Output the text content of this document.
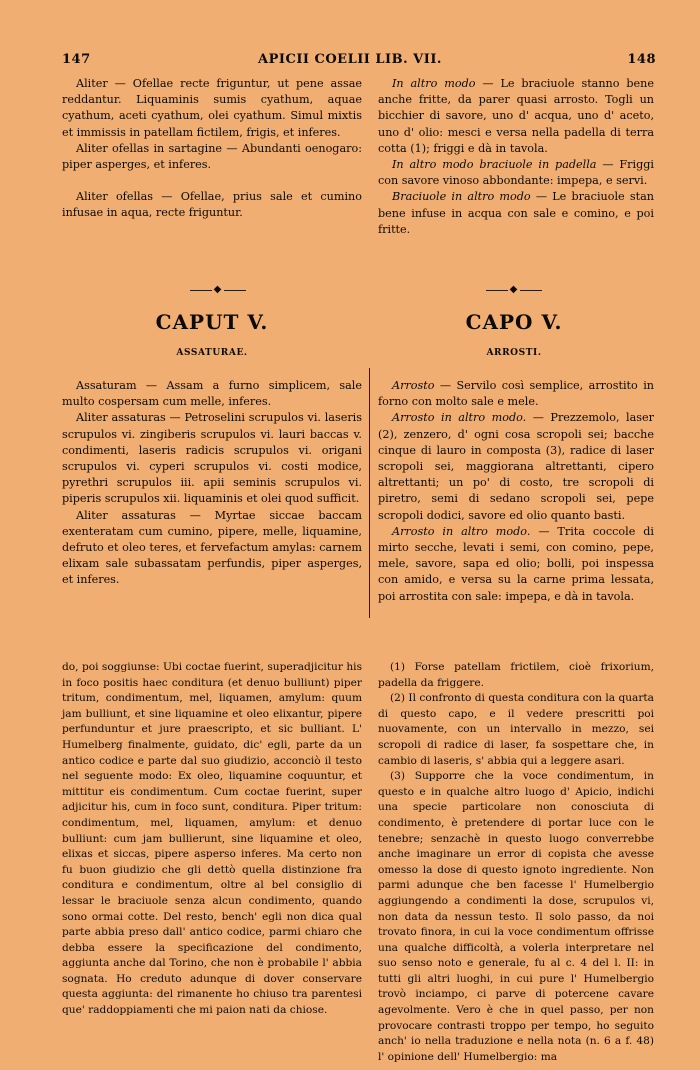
147	APICII COELII LIB. VII.	148

Aliter — Ofellae recte friguntur, ut pene assae reddantur. Liquaminis sumis cyathum, aquae cyathum, aceti cyathum, olei cyathum. Simul mixtis et immissis in patellam fictilem, frigis, et inferes.

Aliter ofellas in sartagine — Abundanti oenogaro: piper asperges, et inferes.

Aliter ofellas — Ofellae, prius sale et cumino infusae in aqua, recte friguntur.

In altro modo — Le braciuole stanno bene anche fritte, da parer quasi arrosto. Togli un bicchier di savore, uno d' acqua, uno d' aceto, uno d' olio: mesci e versa nella padella di terra cotta (1); friggi e dà in tavola.

In altro modo braciuole in padella — Friggi con savore vinoso abbondante: impepa, e servi.

Braciuole in altro modo — Le braciuole stan bene infuse in acqua con sale e comino, e poi fritte.

◆	◆
CAPUT V.
ASSATURAE.
CAPO V.
ARROSTI.

Assaturam — Assam a furno simplicem, sale multo cospersam cum melle, inferes.

Aliter assaturas — Petroselini scrupulos vi. laseris scrupulos vi. zingiberis scrupulos vi. lauri baccas v. condimenti, laseris radicis scrupulos vi. origani scrupulos vi. cyperi scrupulos vi. costi modice, pyrethri scrupulos iii. apii seminis scrupulos vi. piperis scrupulos xii. liquaminis et olei quod sufficit.

Aliter assaturas — Myrtae siccae baccam exenteratam cum cumino, pipere, melle, liquamine, defruto et oleo teres, et fervefactum amylas: carnem elixam sale subassatam perfundis, piper asperges, et inferes.

Arrosto — Servilo così semplice, arrostito in forno con molto sale e mele.

Arrosto in altro modo. — Prezzemolo, laser (2), zenzero, d' ogni cosa scropoli sei; bacche cinque di lauro in composta (3), radice di laser scropoli sei, maggiorana altrettanti, cipero altrettanti; un po' di costo, tre scropoli di piretro, semi di sedano scropoli sei, pepe scropoli dodici, savore ed olio quanto basti.

Arrosto in altro modo. — Trita coccole di mirto secche, levati i semi, con comino, pepe, mele, savore, sapa ed olio; bolli, poi inspessa con amido, e versa su la carne prima lessata, poi arrostita con sale: impepa, e dà in tavola.

do, poi soggiunse: Ubi coctae fuerint, superadjicitur his in foco positis haec conditura (et denuo bulliunt) piper tritum, condimentum, mel, liquamen, amylum: quum jam bulliunt, et sine liquamine et oleo elixantur, pipere perfunduntur et jure praescripto, et sic bulliant. L' Humelberg finalmente, guidato, dic' egli, parte da un antico codice e parte dal suo giudizio, acconciò il testo nel seguente modo: Ex oleo, liquamine coquuntur, et mittitur eis condimentum. Cum coctae fuerint, super adjicitur his, cum in foco sunt, conditura. Piper tritum: condimentum, mel, liquamen, amylum: et denuo bulliunt: cum jam bullierunt, sine liquamine et oleo, elixas et siccas, pipere asperso inferes. Ma certo non fu buon giudizio che gli dettò quella distinzione fra conditura e condimentum, oltre al bel consiglio di lessar le braciuole senza alcun condimento, quando sono ormai cotte. Del resto, bench' egli non dica qual parte abbia preso dall' antico codice, parmi chiaro che debba essere la specificazione del condimento, aggiunta anche dal Torino, che non è probabile l' abbia sognata. Ho creduto adunque di dover conservare questa aggiunta: del rimanente ho chiuso tra parentesi que' raddoppiamenti che mi paion nati da chiose.

(1) Forse patellam frictilem, cioè frixorium, padella da friggere.

(2) Il confronto di questa conditura con la quarta di questo capo, e il vedere prescritti poi nuovamente, con un intervallo in mezzo, sei scropoli di radice di laser, fa sospettare che, in cambio di laseris, s' abbia qui a leggere asari.

(3) Supporre che la voce condimentum, in questo e in qualche altro luogo d' Apicio, indichi una specie particolare non conosciuta di condimento, è pretendere di portar luce con le tenebre; senzachè in questo luogo converrebbe anche imaginare un error di copista che avesse omesso la dose di questo ignoto ingrediente. Non parmi adunque che ben facesse l' Humelbergio aggiungendo a condimenti la dose, scrupulos vi, non data da nessun testo. Il solo passo, da noi trovato finora, in cui la voce condimentum offrisse una qualche difficoltà, a volerla interpretare nel suo senso noto e generale, fu al c. 4 del l. II: in tutti gli altri luoghi, in cui pure l' Humelbergio trovò inciampo, ci parve di potercene cavare agevolmente. Vero è che in quel passo, per non provocare contrasti troppo per tempo, ho seguito anch' io nella traduzione e nella nota (n. 6 a f. 48) l' opinione dell' Humelbergio: ma
